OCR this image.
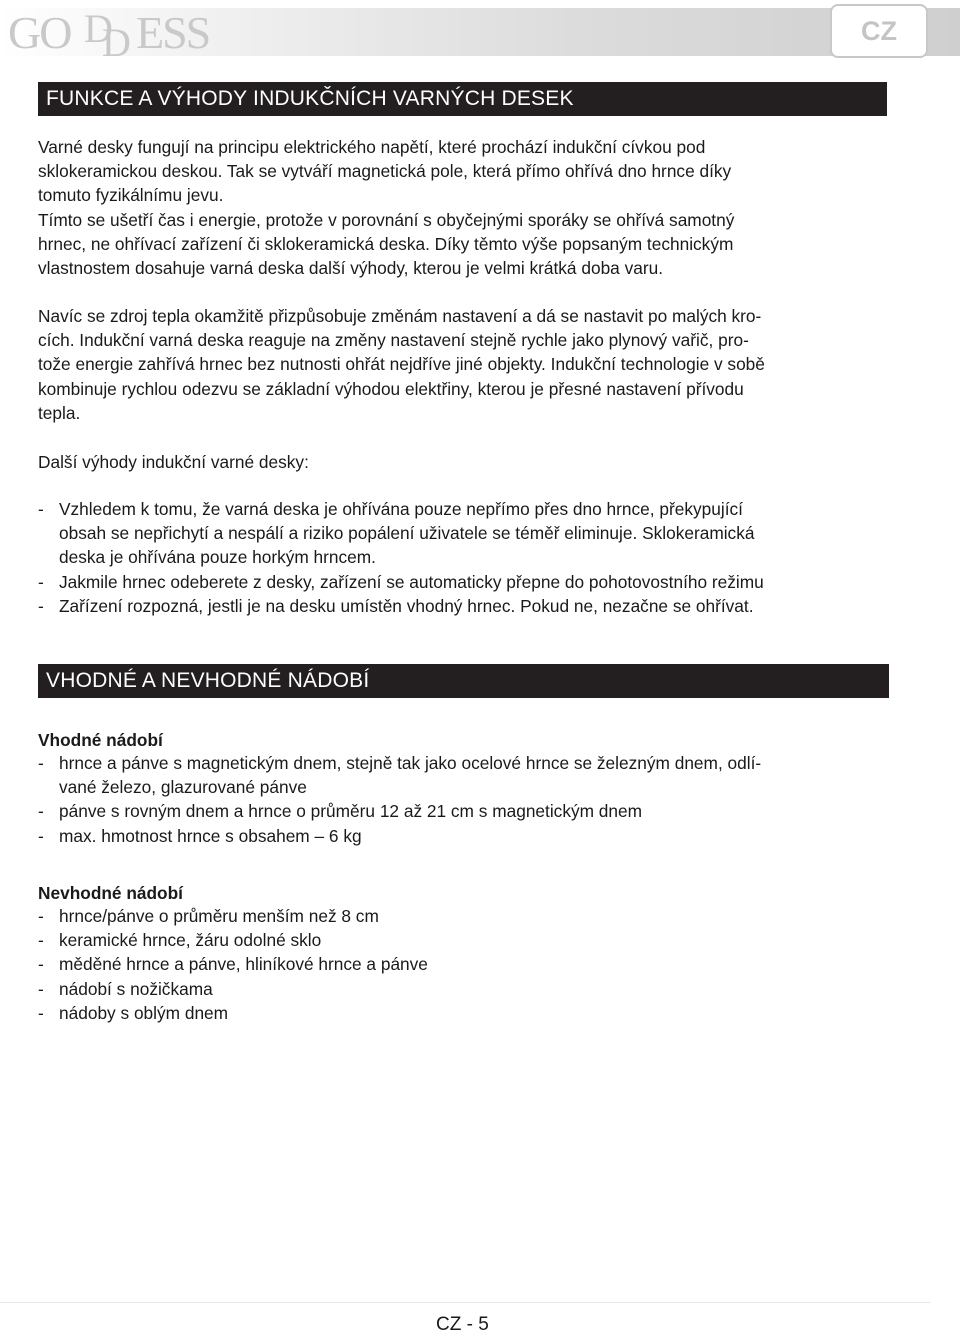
GO D
D ESS	CZ
FUNKCE A VÝHODY INDUKČNÍCH VARNÝCH DESEK

Varné desky fungují na principu elektrického napětí, které prochází indukční cívkou pod

sklokeramickou deskou. Tak se vytváří magnetická pole, která přímo ohřívá dno hrnce díky

tomuto fyzikálnímu jevu.

Tímto se ušetří čas i energie, protože v porovnání s obyčejnými sporáky se ohřívá samotný

hrnec, ne ohřívací zařízení či sklokeramická deska. Díky těmto výše popsaným technickým

vlastnostem dosahuje varná deska další výhody, kterou je velmi krátká doba varu.

Navíc se zdroj tepla okamžitě přizpůsobuje změnám nastavení a dá se nastavit po malých kro-

cích. Indukční varná deska reaguje na změny nastavení stejně rychle jako plynový vařič, pro-

tože energie zahřívá hrnec bez nutnosti ohřát nejdříve jiné objekty. Indukční technologie v sobě

kombinuje rychlou odezvu se základní výhodou elektřiny, kterou je přesné nastavení přívodu

tepla.

Další výhody indukční varné desky:
- Vzhledem k tomu, že varná deska je ohřívána pouze nepřímo přes dno hrnce, překypující
obsah se nepřichytí a nespálí a riziko popálení uživatele se téměř eliminuje. Sklokeramická
deska je ohřívána pouze horkým hrncem.
- Jakmile hrnec odeberete z desky, zařízení se automaticky přepne do pohotovostního režimu
- Zařízení rozpozná, jestli je na desku umístěn vhodný hrnec. Pokud ne, nezačne se ohřívat.
VHODNÉ A NEVHODNÉ NÁDOBÍ
Vhodné nádobí
- hrnce a pánve s magnetickým dnem, stejně tak jako ocelové hrnce se železným dnem, odlí-
vané železo, glazurované pánve
- pánve s rovným dnem a hrnce o průměru 12 až 21 cm s magnetickým dnem
- max. hmotnost hrnce s obsahem – 6 kg
Nevhodné nádobí
- hrnce/pánve o průměru menším než 8 cm
- keramické hrnce, žáru odolné sklo
- měděné hrnce a pánve, hliníkové hrnce a pánve
- nádobí s nožičkama
- nádoby s oblým dnem
CZ - 5
